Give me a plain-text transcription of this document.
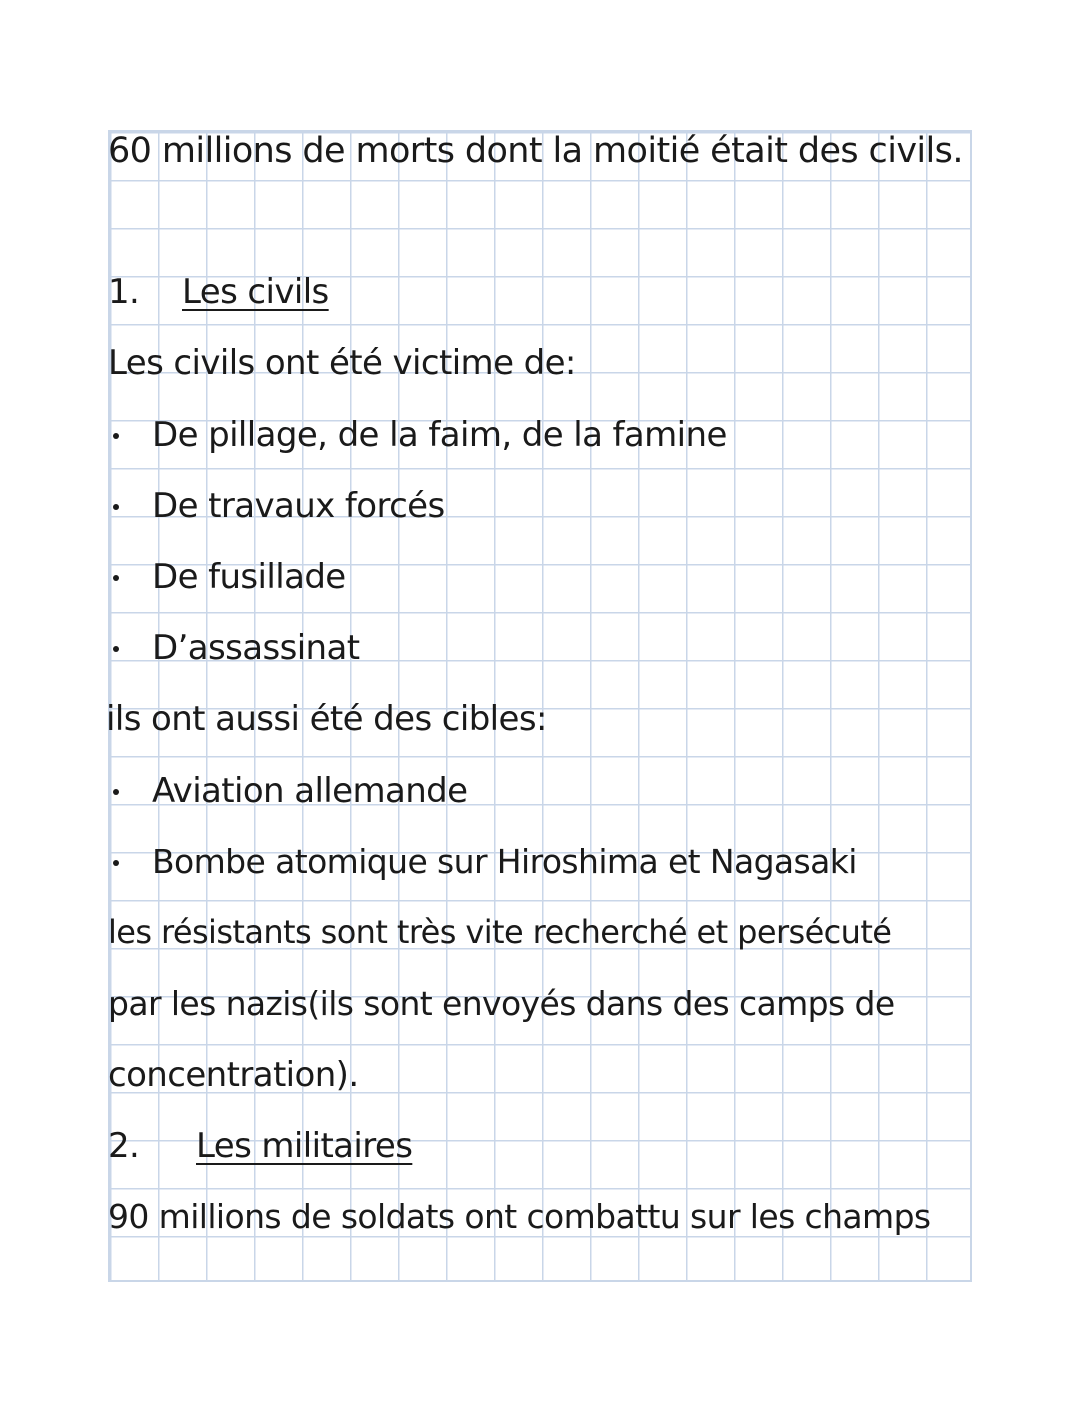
60 millions de morts dont la moitié était des civils.
1. Les civils
Les civils ont été victime de:
De pillage, de la faim, de la famine
De travaux forcés
De fusillade
D’assassinat
ils ont aussi été des cibles:
Aviation allemande
Bombe atomique sur Hiroshima et Nagasaki
les résistants sont très vite recherché et persécuté
par les nazis(ils sont envoyés dans des camps de
concentration).
2. Les militaires
90 millions de soldats ont combattu sur les champs
